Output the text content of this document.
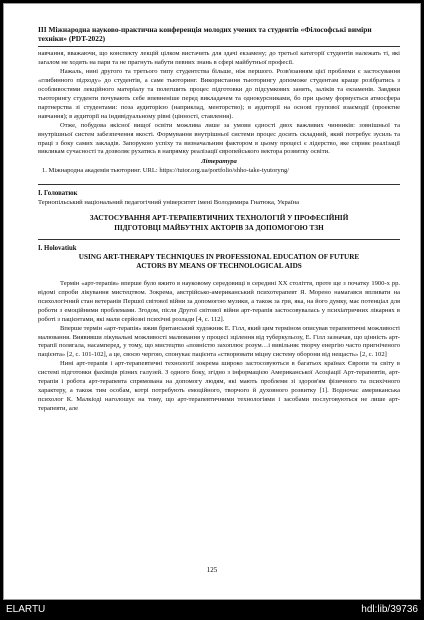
ІІІ Міжнародна науково-практична конференція молодих учених та студентів «Філософські виміри техніки» (PDT-2022)

навчання, вважаючи, що конспекту лекцій цілком вистачить для здачі екзамену; до третьої категорії студентів належать ті, які загалом не ходять на пари та не прагнуть набути певних знань в сфері майбутньої професії.

Нажаль, нині другого та третього типу студентства більше, ніж першого. Розв'язанням цієї проблеми є застосування «глибинного підходу» до студентів, а саме тьюторинг. Використання тьюторингу допоможе студентам краще розібратись з особливостями лекційного матеріалу та полегшить процес підготовки до підсумкових занять, заліків та екзаменів. Завдяки тьюторингу студенти почувають себе впевненіше перед викладачем та однокурсниками, бо при цьому формується атмосфера партнерства зі студентами: поза аудиторією (наприклад, менторство); в аудиторії на основі групової взаємодії (проектне навчання); в аудиторії на індивідуальному рівні (цінності, ставлення).

Отже, побудова якісної вищої освіти можлива лише за умови єдності двох важливих чинників: зовнішньої та внутрішньої систем забезпечення якості. Формування внутрішньої системи процес досить складний, який потребує зусиль та праці з боку самих закладів. Запорукою успіху та визначальним фактором в цьому процесі є лідерство, яке сприяє реалізації викликам сучасності та дозволяє рухатись в напрямку реалізації європейського вектора розвитку освіти.

Література

1. Міжнародна академія тьюторинг. URL: https://tutor.org.ua/portfolio/shho-take-tyutoryng/

І. Головатюк

Тернопільський національний педагогічний університет імені Володимира Гнатюка, Україна

ЗАСТОСУВАННЯ АРТ-ТЕРАПЕВТИЧНИХ ТЕХНОЛОГІЙ У ПРОФЕСІЙНІЙ

ПІДГОТОВЦІ МАЙБУТНІХ АКТОРІВ ЗА ДОПОМОГОЮ ТЗН

I. Holovatiuk

USING ART-THERAPY TECHNIQUES IN PROFESSIONAL EDUCATION OF FUTURE

ACTORS BY MEANS OF TECHNOLOGICAL AIDS

Термін «арт-терапія» вперше було вжито в науковому середовищі в середині ХХ століття, проте ще з початку 1900-х рр. відомі спроби лікування мистецтвом. Зокрема, австрійсько-американський психотерапевт Я. Морено намагався впливати на психологічний стан ветеранів Першої світової війни за допомогою музики, а також за гри, яка, на його думку, має потенціал для роботи з емоційними проблемами. Згодом, після Другої світової війни арт-терапія застосовувалась у психіатричних лікарнях в роботі з пацієнтами, які мали серйозні психічні розлади [4, c. 112].

Вперше термін «арт-терапія» вжив британський художник Е. Гілл, який цим терміном описував терапевтичні можливості малювання. Виявивши лікувальні можливості малювання у процесі зцілення від туберкульозу, Е. Гілл зазначав, що цінність арт-терапії полягала, насамперед, у тому, що мистецтво «повністю захоплює розум…і вивільняє творчу енергію часто пригніченого пацієнта» [2, c. 101-102], а це, своєю чергою, спонукає пацієнта «створювати міцну систему оборони від нещасть» [2, c. 102]

Нині арт-терапія і арт-терапевтичні технології зокрема широко застосовуються в багатьох країнах Європи та світу в системі підготовки фахівців різних галузей. З одного боку, згідно з інформацією Американської Асоціації Арт-терапевтів, арт-терапія і робота арт-терапевта спрямована на допомогу людям, які мають проблеми зі здоров'ям фізичного та психічного характеру, а також тим особам, котрі потребують емоційного, творчого й духовного розвитку [1]. Водночас американська психолог К. Малкіоді наголошує на тому, що арт-терапевтичними технологіями і засобами послуговуються не лише арт-терапевти, але

125
ELARTU	hdl:lib/39736
